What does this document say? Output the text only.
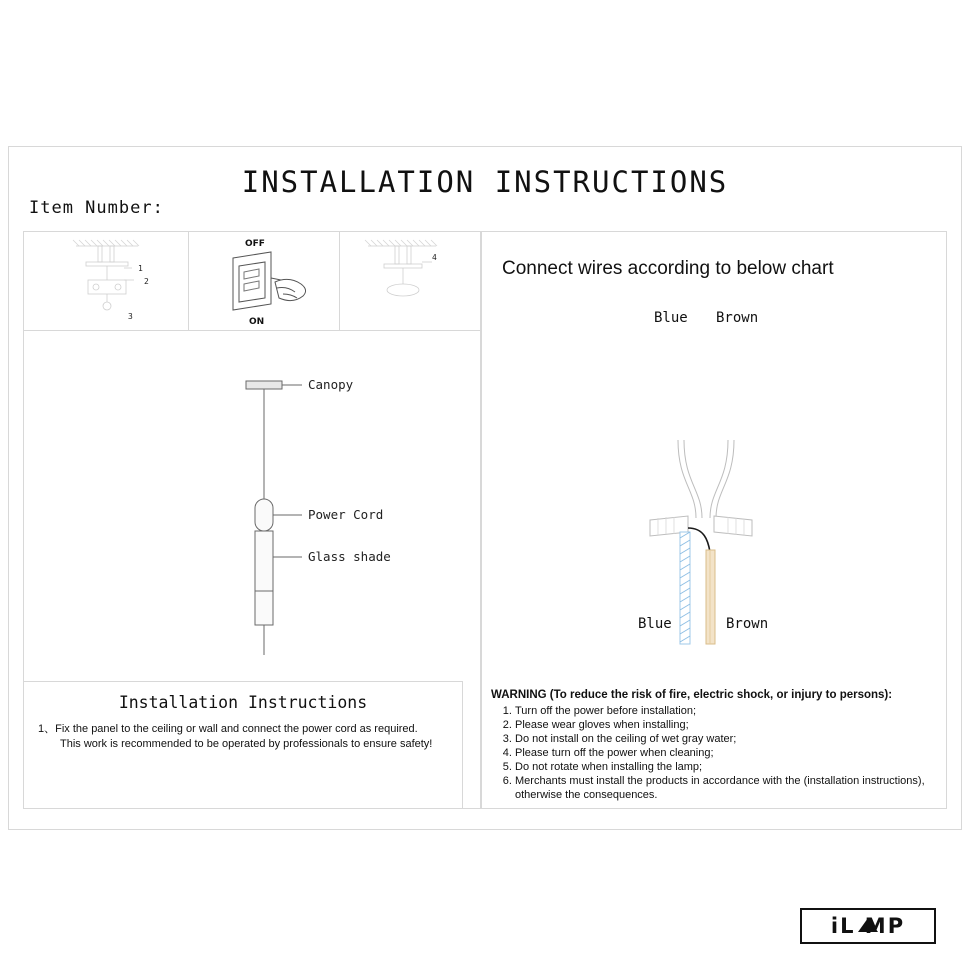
INSTALLATION INSTRUCTIONS
Item Number:
1
2
3
OFF
ON
4
Canopy
Power Cord
Glass shade
Connect wires according to below chart
Blue Brown
Blue	Brown
Installation Instructions
1、Fix the panel to the ceiling or wall and connect the power cord as required.
This work is recommended to be operated by professionals to ensure safety!
WARNING (To reduce the risk of fire, electric shock, or injury to persons):
1. Turn off the power before installation;
2. Please wear gloves when installing;
3. Do not install on the ceiling of wet gray water;
4. Please turn off the power when cleaning;
5. Do not rotate when installing the lamp;
6. Merchants must install the products in accordance with the (installation instructions),
otherwise the consequences.
iL MP
